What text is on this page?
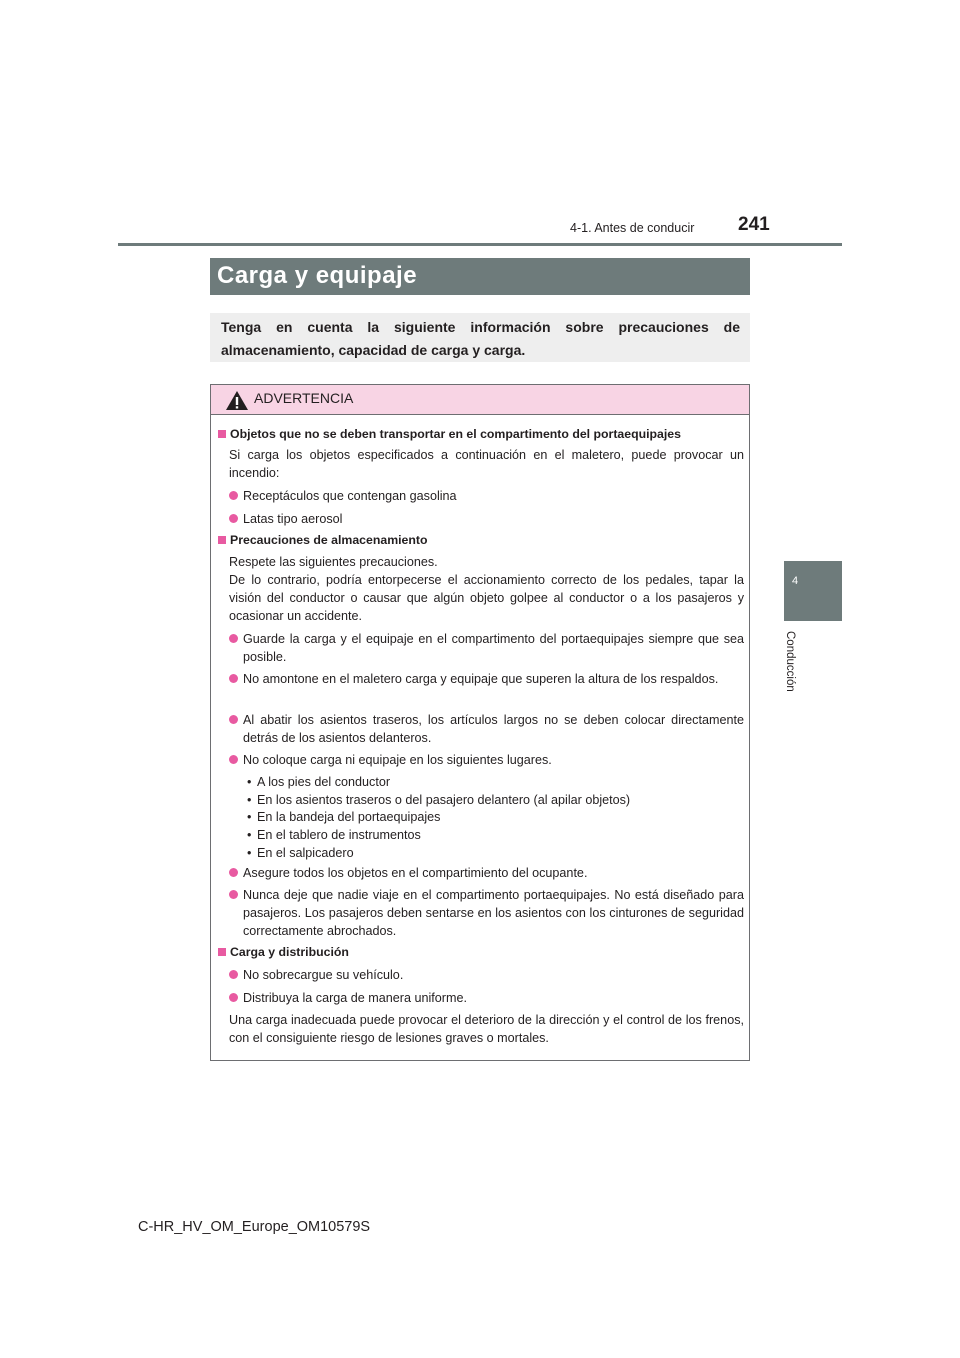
241
4-1. Antes de conducir
4
Conducción
Carga y equipaje
Tenga en cuenta la siguiente información sobre precauciones de almacenamiento, capacidad de carga y carga.
ADVERTENCIA
Objetos que no se deben transportar en el compartimento del portaequipajes
Si carga los objetos especificados a continuación en el maletero, puede provocar un incendio:
Receptáculos que contengan gasolina
Latas tipo aerosol
Precauciones de almacenamiento
Respete las siguientes precauciones.
De lo contrario, podría entorpecerse el accionamiento correcto de los pedales, tapar la visión del conductor o causar que algún objeto golpee al conductor o a los pasajeros y ocasionar un accidente.
Guarde la carga y el equipaje en el compartimento del portaequipajes siempre que sea posible.
No amontone en el maletero carga y equipaje que superen la altura de los respaldos.
Al abatir los asientos traseros, los artículos largos no se deben colocar directamente detrás de los asientos delanteros.
No coloque carga ni equipaje en los siguientes lugares.
• A los pies del conductor
• En los asientos traseros o del pasajero delantero (al apilar objetos)
• En la bandeja del portaequipajes
• En el tablero de instrumentos
• En el salpicadero
Asegure todos los objetos en el compartimiento del ocupante.
Nunca deje que nadie viaje en el compartimento portaequipajes. No está diseñado para pasajeros. Los pasajeros deben sentarse en los asientos con los cinturones de seguridad correctamente abrochados.
Carga y distribución
No sobrecargue su vehículo.
Distribuya la carga de manera uniforme.
Una carga inadecuada puede provocar el deterioro de la dirección y el control de los frenos, con el consiguiente riesgo de lesiones graves o mortales.
C-HR_HV_OM_Europe_OM10579S
